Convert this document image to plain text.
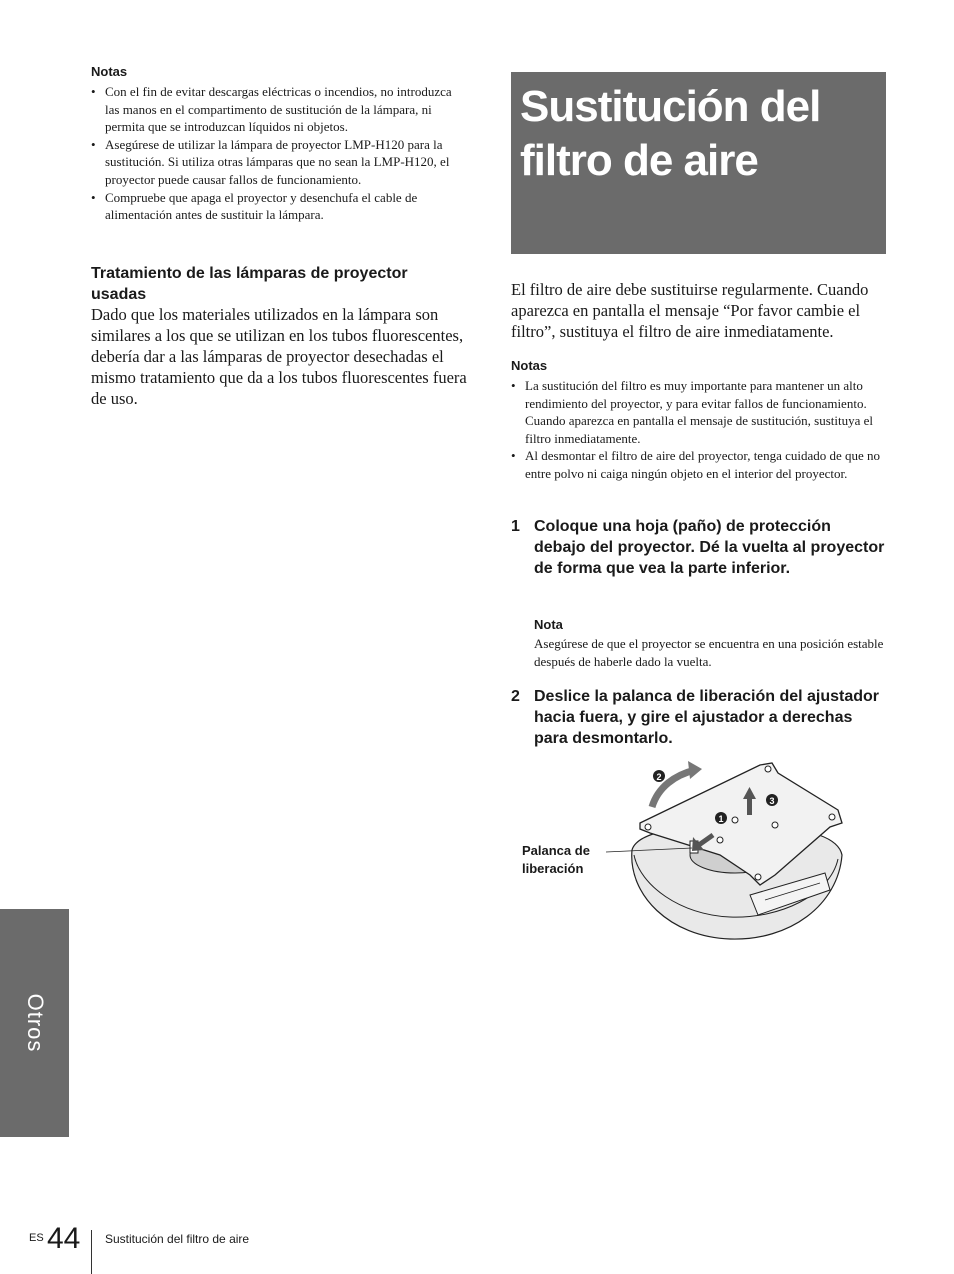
Notas
• Con el fin de evitar descargas eléctricas o incendios, no introduzca las manos en el compartimento de sustitución de la lámpara, ni permita que se introduzcan líquidos ni objetos.
• Asegúrese de utilizar la lámpara de proyector LMP-H120 para la sustitución. Si utiliza otras lámparas que no sean la LMP-H120, el proyector puede causar fallos de funcionamiento.
• Compruebe que apaga el proyector y desenchufa el cable de alimentación antes de sustituir la lámpara.
Tratamiento de las lámparas de proyector usadas
Dado que los materiales utilizados en la lámpara son similares a los que se utilizan en los tubos fluorescentes, debería dar a las lámparas de proyector desechadas el mismo tratamiento que da a los tubos fluorescentes fuera de uso.
Sustitución del
filtro de aire
El filtro de aire debe sustituirse regularmente. Cuando aparezca en pantalla el mensaje “Por favor cambie el filtro”, sustituya el filtro de aire inmediatamente.
Notas
• La sustitución del filtro es muy importante para mantener un alto rendimiento del proyector, y para evitar fallos de funcionamiento. Cuando aparezca en pantalla el mensaje de sustitución, sustituya el filtro inmediatamente.
• Al desmontar el filtro de aire del proyector, tenga cuidado de que no entre polvo ni caiga ningún objeto en el interior del proyector.
1 Coloque una hoja (paño) de protección debajo del proyector. Dé la vuelta al proyector de forma que vea la parte inferior.
Nota
Asegúrese de que el proyector se encuentra en una posición estable después de haberle dado la vuelta.
2 Deslice la palanca de liberación del ajustador hacia fuera, y gire el ajustador a derechas para desmontarlo.
Palanca de
liberación
2
3
1
Otros
ES 44 Sustitución del filtro de aire
